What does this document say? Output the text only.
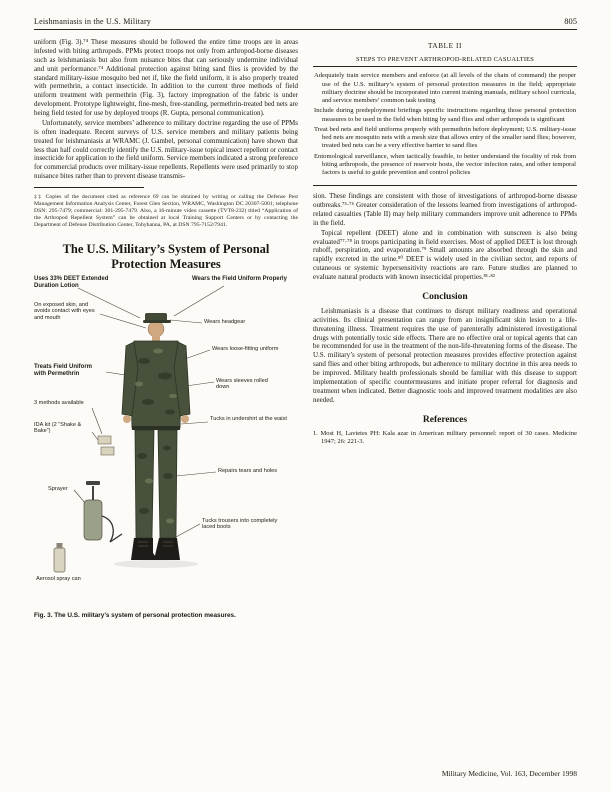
Leishmaniasis in the U.S. Military	805

uniform (Fig. 3).⁷⁴ These measures should be followed the entire time troops are in areas infested with biting arthropods. PPMs protect troops not only from arthropod-borne diseases such as leishmaniasis but also from nuisance bites that can seriously undermine individual and unit performance.⁷⁴ Additional protection against biting sand flies is provided by the standard military-issue mosquito bed net if, like the field uniform, it is also properly treated with permethrin, a contact insecticide. In addition to the current three methods of field uniform treatment with permethrin (Fig. 3), factory impregnation of the fabric is under development. Prototype lightweight, fine-mesh, free-standing, permethrin-treated bed nets are being field tested for use by deployed troops (R. Gupta, personal communication).

Unfortunately, service members’ adherence to military doctrine regarding the use of PPMs is often inadequate. Recent surveys of U.S. service members and military patients being treated for leishmaniasis at WRAMC (J. Gambel, personal communication) have shown that less than half could correctly identify the U.S. military-issue topical insect repellent or contact insecticide for application to the field uniform. Service members indicated a strong preference for commercial products over military-issue repellents. Repellents were used primarily to stop nuisance bites rather than to prevent disease transmis-

‡‡ Copies of the document cited as reference 69 can be obtained by writing or calling the Defense Pest Management Information Analysis Center, Forest Glen Section, WRAMC, Washington DC 20307-5001; telephone DSN: 295-7479; commercial: 301-295-7479. Also, a 16-minute video cassette (TVT8-232) titled “Application of the Arthropod Repellent System” can be obtained at local Training Support Centers or by contacting the Department of Defense Distribution Center, Tobyhanna, PA, at DSN 795-7152/7941.

The U.S. Military’s System of Personal Protection Measures
Uses 33% DEET Extended Duration Lotion
Wears the Field Uniform Properly
On exposed skin, and avoids contact with eyes and mouth
Wears headgear
Wears loose-fitting uniform
Treats Field Uniform with Permethrin
Wears sleeves rolled down
3 methods available
IDA kit (2 “Shake & Bake”)
Tucks in undershirt at the waist
Sprayer
Repairs tears and holes
Tucks trousers into completely laced boots
Aerosol spray can

Fig. 3. The U.S. military’s system of personal protection measures.

TABLE II

STEPS TO PREVENT ARTHROPOD-RELATED CASUALTIES

Adequately train service members and enforce (at all levels of the chain of command) the proper use of the U.S. military’s system of personal protection measures in the field; appropriate military doctrine should be incorporated into current training manuals, military school curricula, and service members’ common task testing

Include during predeployment briefings specific instructions regarding those personal protection measures to be used in the field when biting by sand flies and other arthropods is significant

Treat bed nets and field uniforms properly with permethrin before deployment; U.S. military-issue bed nets are mosquito nets with a mesh size that allows entry of the smaller sand flies; however, treated bed nets can be a very effective barrier to sand flies

Entomological surveillance, when tactically feasible, to better understand the focality of risk from biting arthropods, the presence of reservoir hosts, the vector infection rates, and other temporal factors is useful to guide prevention and control policies

sion. These findings are consistent with those of investigations of arthropod-borne disease outbreaks.⁷⁵·⁷⁶ Greater consideration of the lessons learned from investigations of arthropod-related casualties (Table II) may help military commanders improve unit adherence to PPMs in the field.

Topical repellent (DEET) alone and in combination with sunscreen is also being evaluated⁷⁷·⁷⁸ in troops participating in field exercises. Most of applied DEET is lost through ruboff, perspiration, and evaporation.⁷⁹ Small amounts are absorbed through the skin and rapidly excreted in the urine.⁸⁰ DEET is widely used in the civilian sector, and reports of cutaneous or systemic hypersensitivity reactions are rare. Future studies are planned to evaluate natural products with known insecticidal properties.⁸¹·⁸²

Conclusion

Leishmaniasis is a disease that continues to disrupt military readiness and operational activities. Its clinical presentation can range from an insignificant skin lesion to a life-threatening illness. Treatment requires the use of parenterally administered investigational drugs with potentially toxic side effects. There are no effective oral or topical agents that can be recommended for use in the treatment of the non-life-threatening forms of the disease. The U.S. military’s system of personal protection measures provides effective protection against sand flies and other biting arthropods, but adherence to military doctrine in this area needs to be improved. Military health professionals should be familiar with this disease to support implementation of specific countermeasures and initiate proper referral for diagnosis and treatment when indicated. Better diagnostic tools and improved treatment modalities are also needed.

References

1. Most H, Lavietes PH: Kala azar in American military personnel: report of 30 cases. Medicine 1947; 26: 221-3.

Military Medicine, Vol. 163, December 1998
